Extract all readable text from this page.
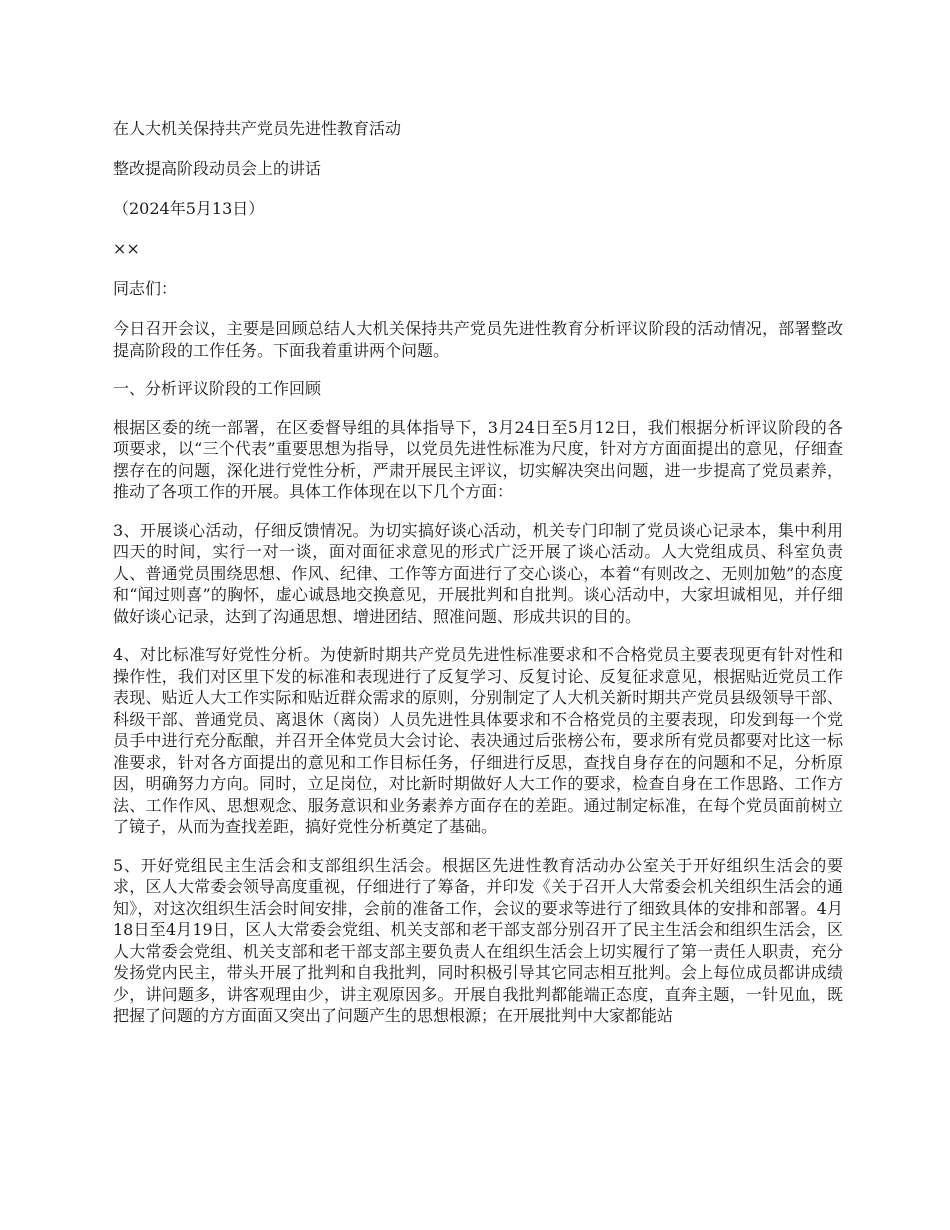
在人大机关保持共产党员先进性教育活动
整改提高阶段动员会上的讲话
（2024年5月13日）
××
同志们：

今日召开会议，主要是回顾总结人大机关保持共产党员先进性教育分析评议阶段的活动情况，部署整改提高阶段的工作任务。下面我着重讲两个问题。

一、分析评议阶段的工作回顾

根据区委的统一部署，在区委督导组的具体指导下，3月24日至5月12日，我们根据分析评议阶段的各项要求，以“三个代表”重要思想为指导，以党员先进性标准为尺度，针对方方面面提出的意见，仔细查摆存在的问题，深化进行党性分析，严肃开展民主评议，切实解决突出问题，进一步提高了党员素养，推动了各项工作的开展。具体工作体现在以下几个方面：

3、开展谈心活动，仔细反馈情况。为切实搞好谈心活动，机关专门印制了党员谈心记录本，集中利用四天的时间，实行一对一谈，面对面征求意见的形式广泛开展了谈心活动。人大党组成员、科室负责人、普通党员围绕思想、作风、纪律、工作等方面进行了交心谈心，本着“有则改之、无则加勉”的态度和“闻过则喜”的胸怀，虚心诚恳地交换意见，开展批判和自批判。谈心活动中，大家坦诚相见，并仔细做好谈心记录，达到了沟通思想、增进团结、照准问题、形成共识的目的。

4、对比标准写好党性分析。为使新时期共产党员先进性标准要求和不合格党员主要表现更有针对性和操作性，我们对区里下发的标准和表现进行了反复学习、反复讨论、反复征求意见，根据贴近党员工作表现、贴近人大工作实际和贴近群众需求的原则，分别制定了人大机关新时期共产党员县级领导干部、科级干部、普通党员、离退休（离岗）人员先进性具体要求和不合格党员的主要表现，印发到每一个党员手中进行充分酝酿，并召开全体党员大会讨论、表决通过后张榜公布，要求所有党员都要对比这一标准要求，针对各方面提出的意见和工作目标任务，仔细进行反思，查找自身存在的问题和不足，分析原因，明确努力方向。同时，立足岗位，对比新时期做好人大工作的要求，检查自身在工作思路、工作方法、工作作风、思想观念、服务意识和业务素养方面存在的差距。通过制定标准，在每个党员面前树立了镜子，从而为查找差距，搞好党性分析奠定了基础。

5、开好党组民主生活会和支部组织生活会。根据区先进性教育活动办公室关于开好组织生活会的要求，区人大常委会领导高度重视，仔细进行了筹备，并印发《关于召开人大常委会机关组织生活会的通知》，对这次组织生活会时间安排，会前的准备工作，会议的要求等进行了细致具体的安排和部署。4月18日至4月19日，区人大常委会党组、机关支部和老干部支部分别召开了民主生活会和组织生活会，区人大常委会党组、机关支部和老干部支部主要负责人在组织生活会上切实履行了第一责任人职责，充分发扬党内民主，带头开展了批判和自我批判，同时积极引导其它同志相互批判。会上每位成员都讲成绩少，讲问题多，讲客观理由少，讲主观原因多。开展自我批判都能端正态度，直奔主题，一针见血，既把握了问题的方方面面又突出了问题产生的思想根源；在开展批判中大家都能站
